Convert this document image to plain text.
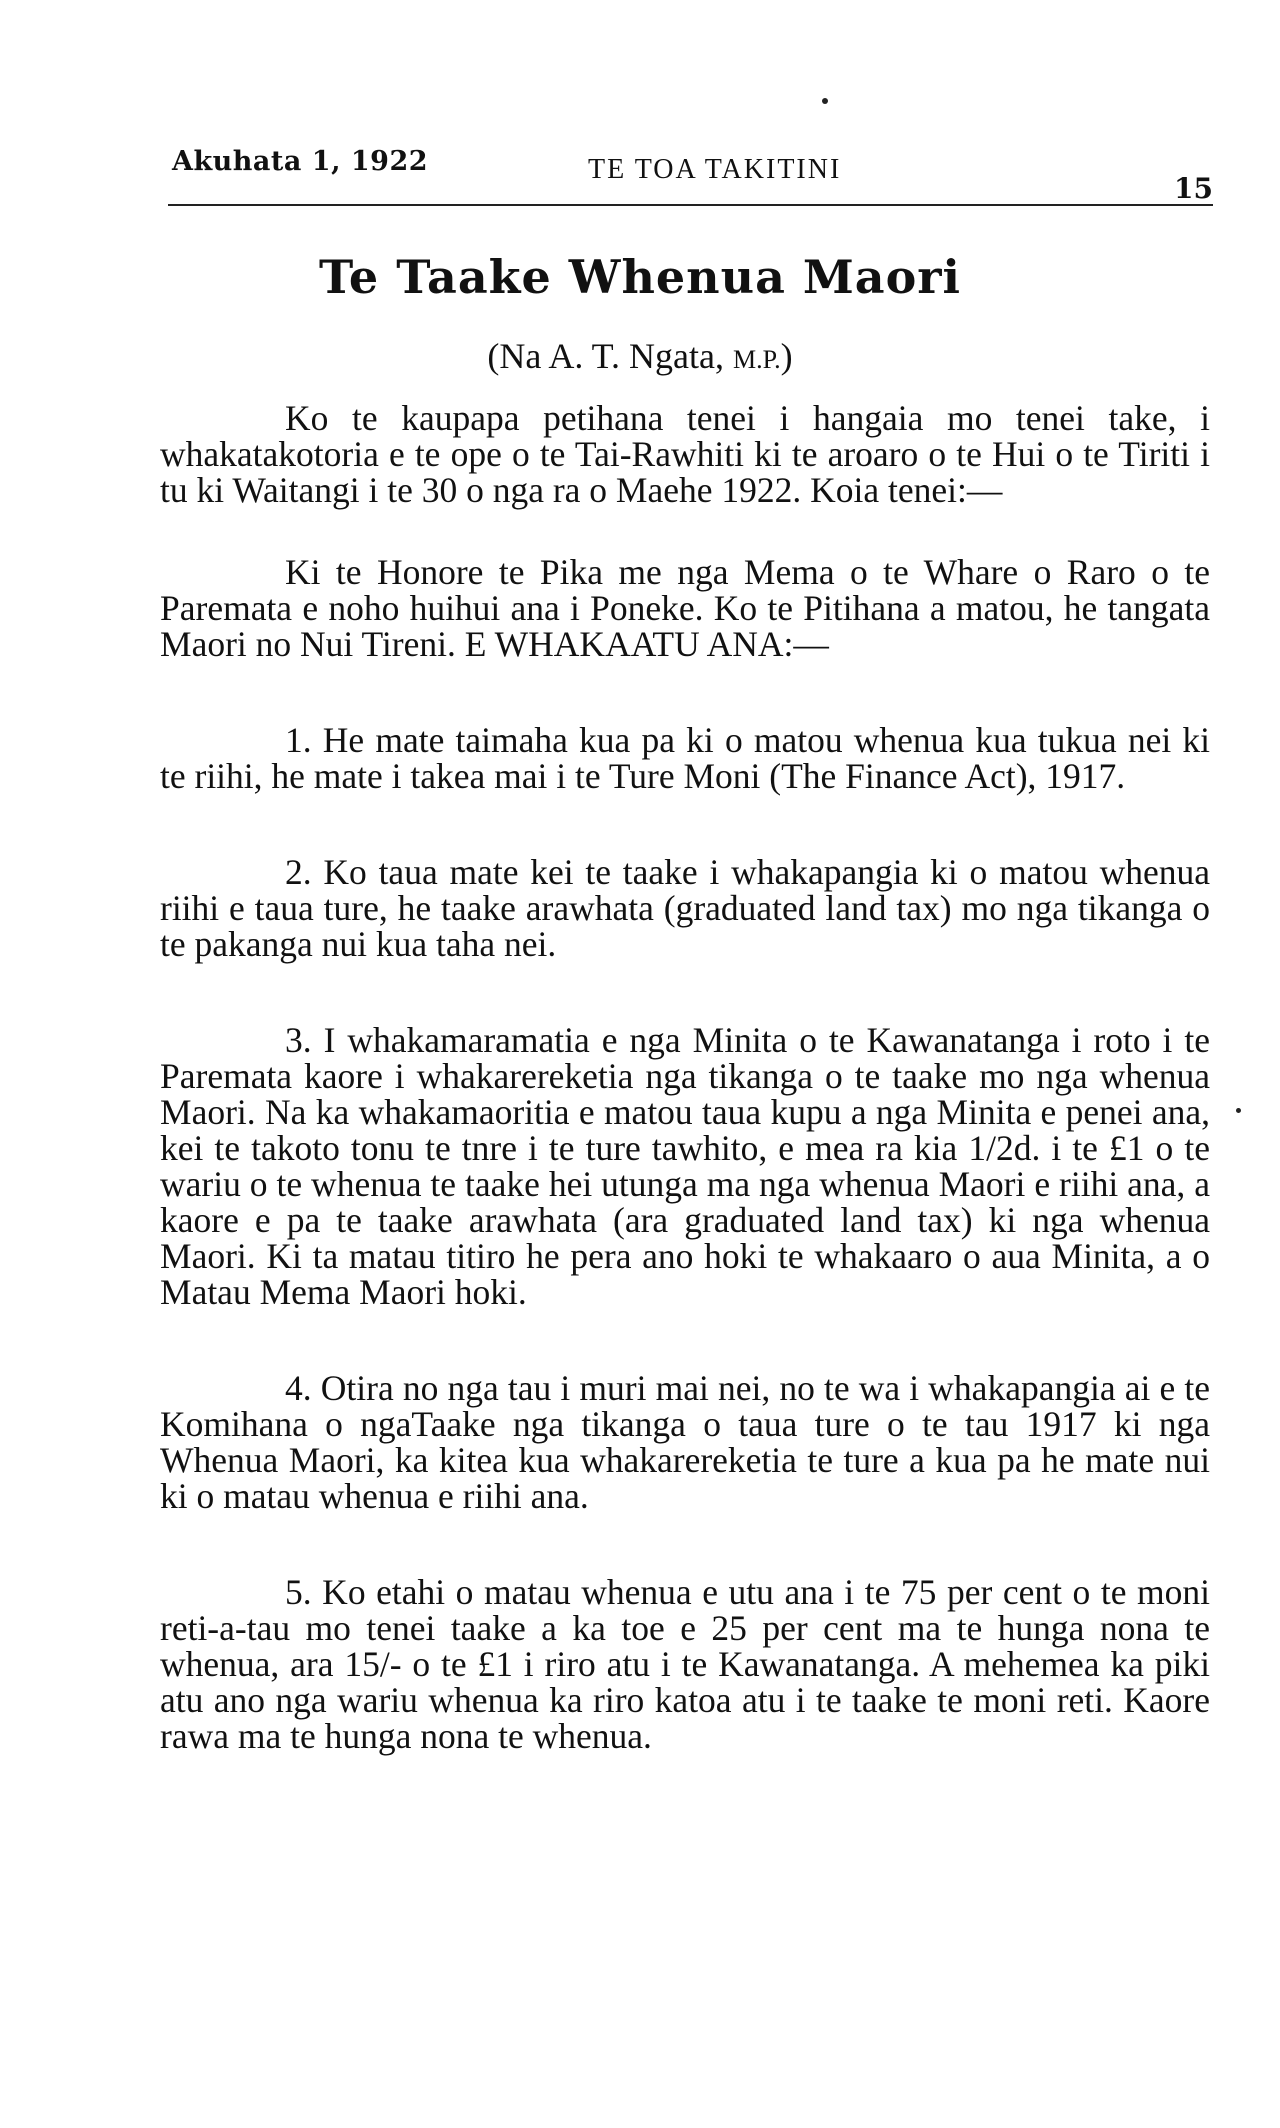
Akuhata 1, 1922	TE TOA TAKITINI
15
Te Taake Whenua Maori
(Na A. T. Ngata, M.P.)

Ko te kaupapa petihana tenei i hangaia mo tenei take, i whakatakotoria e te ope o te Tai-Rawhiti ki te aroaro o te Hui o te Tiriti i tu ki Waitangi i te 30 o nga ra o Maehe 1922. Koia tenei:—

Ki te Honore te Pika me nga Mema o te Whare o Raro o te Paremata e noho huihui ana i Poneke. Ko te Pitihana a matou, he tangata Maori no Nui Tireni. E WHAKAATU ANA:—

1. He mate taimaha kua pa ki o matou whenua kua tukua nei ki te riihi, he mate i takea mai i te Ture Moni (The Finance Act), 1917.

2. Ko taua mate kei te taake i whakapangia ki o matou whenua riihi e taua ture, he taake arawhata (graduated land tax) mo nga tikanga o te pakanga nui kua taha nei.

3. I whakamaramatia e nga Minita o te Kawanatanga i roto i te Paremata kaore i whakarereketia nga tikanga o te taake mo nga whenua Maori. Na ka whakamaoritia e matou taua kupu a nga Minita e penei ana, kei te takoto tonu te tnre i te ture tawhito, e mea ra kia 1/2d. i te £1 o te wariu o te whenua te taake hei utunga ma nga whenua Maori e riihi ana, a kaore e pa te taake arawhata (ara graduated land tax) ki nga whenua Maori. Ki ta matau titiro he pera ano hoki te whakaaro o aua Minita, a o Matau Mema Maori hoki.

4. Otira no nga tau i muri mai nei, no te wa i whakapangia ai e te Komihana o ngaTaake nga tikanga o taua ture o te tau 1917 ki nga Whenua Maori, ka kitea kua whakarereketia te ture a kua pa he mate nui ki o matau whenua e riihi ana.

5. Ko etahi o matau whenua e utu ana i te 75 per cent o te moni reti-a-tau mo tenei taake a ka toe e 25 per cent ma te hunga nona te whenua, ara 15/- o te £1 i riro atu i te Kawanatanga. A mehemea ka piki atu ano nga wariu whenua ka riro katoa atu i te taake te moni reti. Kaore rawa ma te hunga nona te whenua.
